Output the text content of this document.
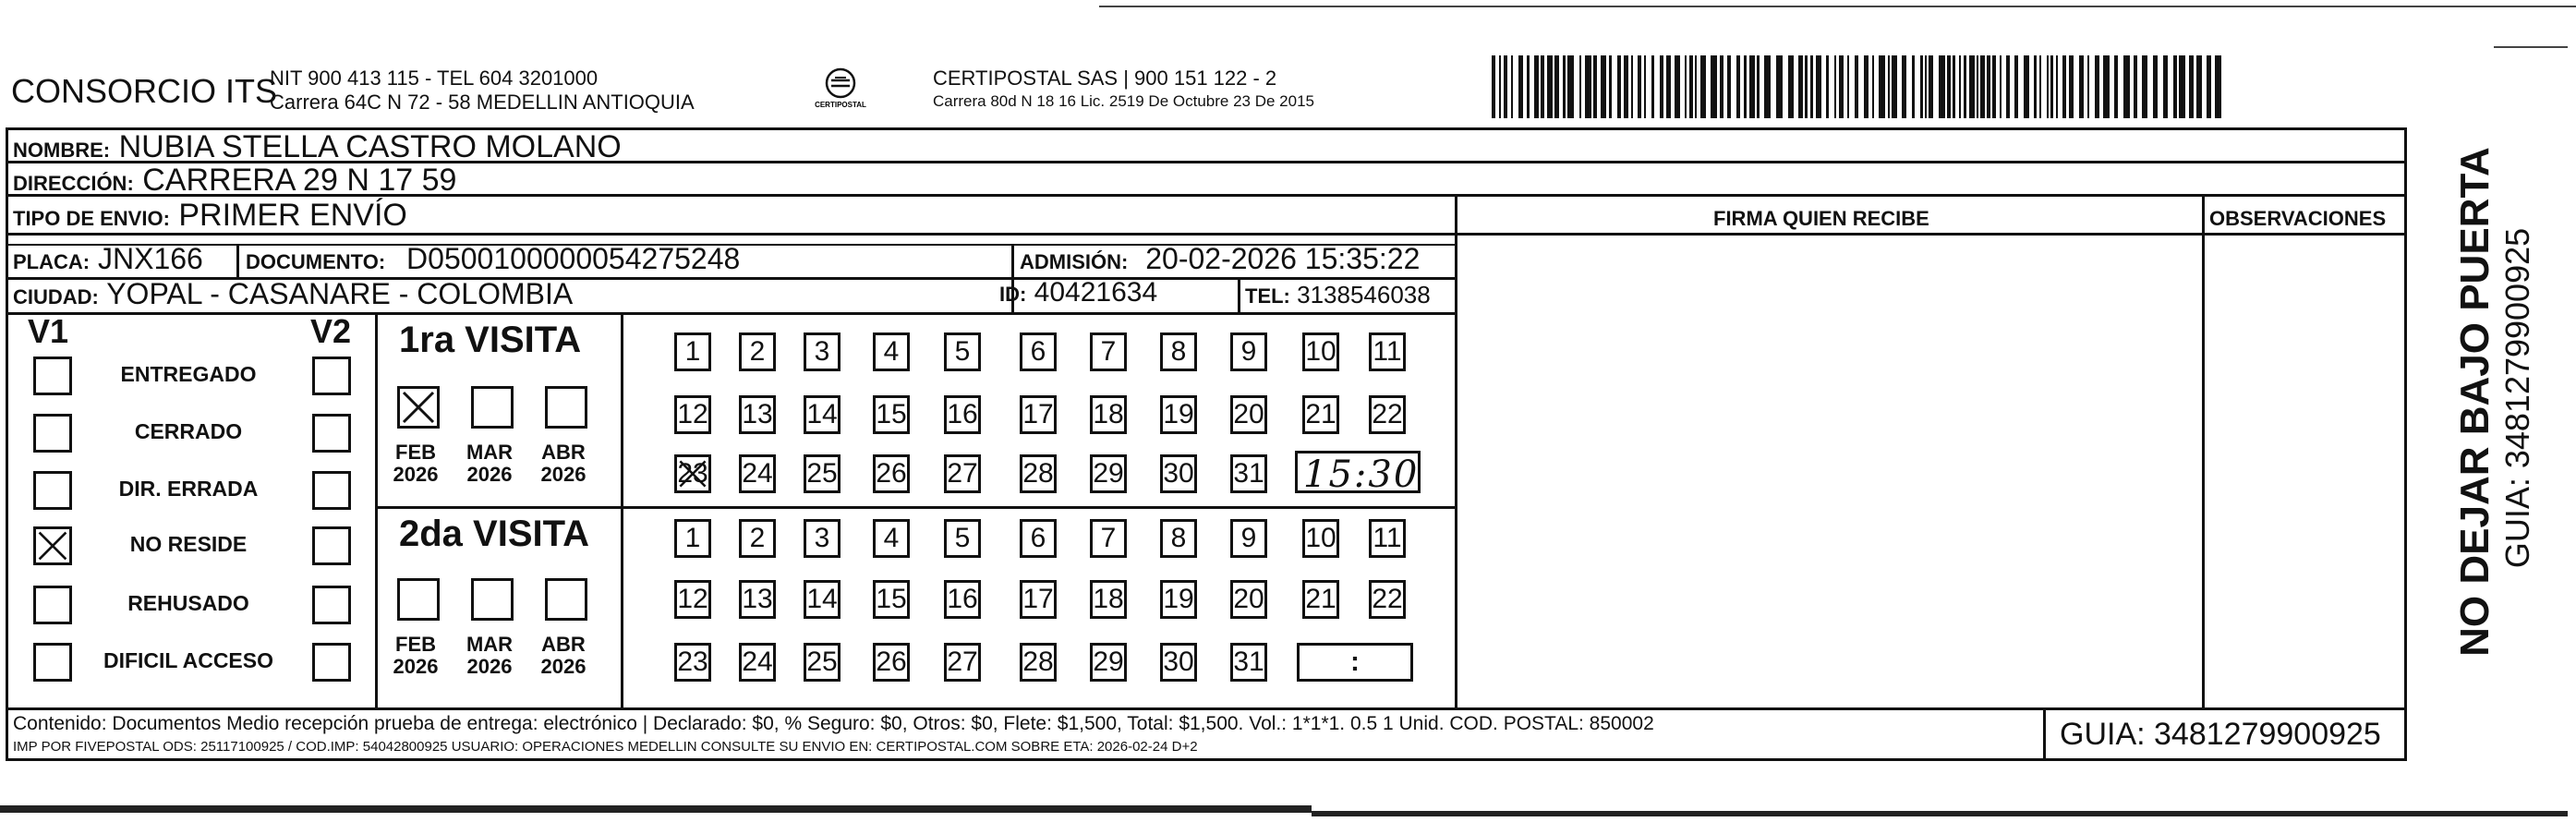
CONSORCIO ITS
NIT 900 413 115 - TEL 604 3201000
Carrera 64C N 72 - 58 MEDELLIN ANTIOQUIA	CERTIPOSTAL
CERTIPOSTAL SAS | 900 151 122 - 2
Carrera 80d N 18 16 Lic. 2519 De Octubre 23 De 2015
NOMBRE: NUBIA STELLA CASTRO MOLANO
DIRECCIÓN: CARRERA 29 N 17 59
TIPO DE ENVIO: PRIMER ENVÍO	FIRMA QUIEN RECIBE	OBSERVACIONES
PLACA: JNX166 DOCUMENTO: D0500100000054275248	ADMISIÓN: 20-02-2026 15:35:22
CIUDAD: YOPAL - CASANARE - COLOMBIA	ID: 40421634	TEL: 3138546038
V1	V2
ENTREGADO
CERRADO
DIR. ERRADA
NO RESIDE
REHUSADO
DIFICIL ACCESO
1ra VISITA
2da VISITA
FEB
2026
MAR
2026
ABR
2026
FEB
2026
MAR
2026
ABR
2026
1	2	3	4	5	6	7	8	9	10 11
12 13 14 15 16 17 18 19 20 21 22
23 24 25 26 27 28 29 30 31
1	2	3	4	5	6	7	8	9	10 11
12 13 14 15 16 17 18 19 20 21 22
23 24 25 26 27 28 29 30 31
15:30
:
Contenido: Documentos Medio recepción prueba de entrega: electrónico | Declarado: $0, % Seguro: $0, Otros: $0, Flete: $1,500, Total: $1,500. Vol.: 1*1*1. 0.5 1 Unid. COD. POSTAL: 850002
IMP POR FIVEPOSTAL ODS: 25117100925 / COD.IMP: 54042800925 USUARIO: OPERACIONES MEDELLIN CONSULTE SU ENVIO EN: CERTIPOSTAL.COM SOBRE ETA: 2026-02-24 D+2	GUIA: 3481279900925
NO DEJAR BAJO PUERTA GUIA: 3481279900925
